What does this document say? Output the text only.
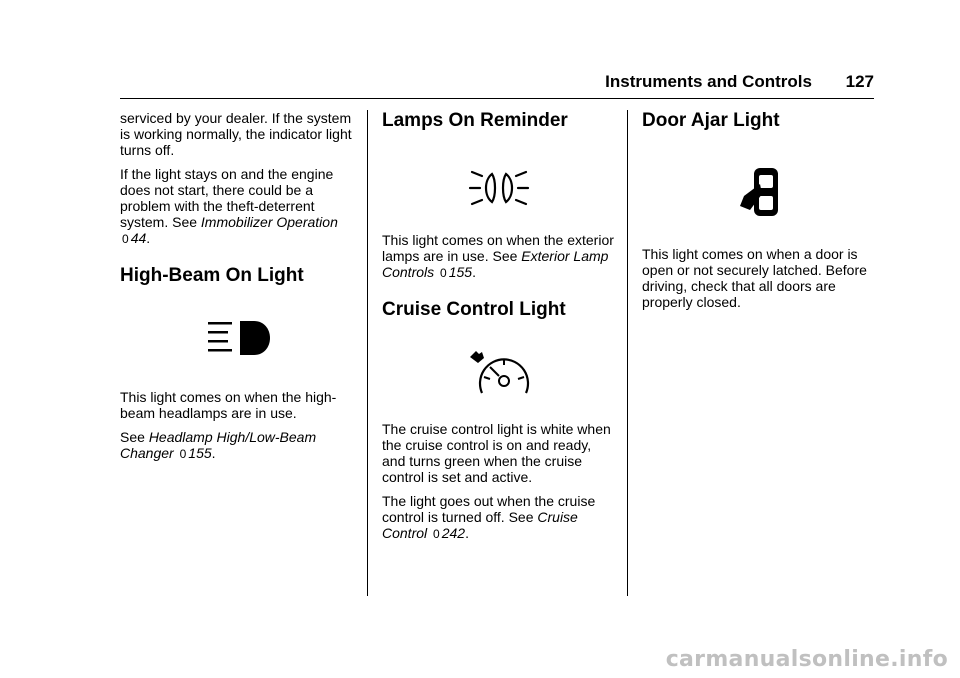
Instruments and Controls 127

serviced by your dealer. If the system is working normally, the indicator light turns off.

If the light stays on and the engine does not start, there could be a problem with the theft-deterrent system. See Immobilizer Operation 0 44.

High-Beam On Light

This light comes on when the high-beam headlamps are in use.

See Headlamp High/Low-Beam Changer 0 155.

Lamps On Reminder

This light comes on when the exterior lamps are in use. See Exterior Lamp Controls 0 155.

Cruise Control Light

The cruise control light is white when the cruise control is on and ready, and turns green when the cruise control is set and active.

The light goes out when the cruise control is turned off. See Cruise Control 0 242.

Door Ajar Light

This light comes on when a door is open or not securely latched. Before driving, check that all doors are properly closed.

carmanualsonline.info
